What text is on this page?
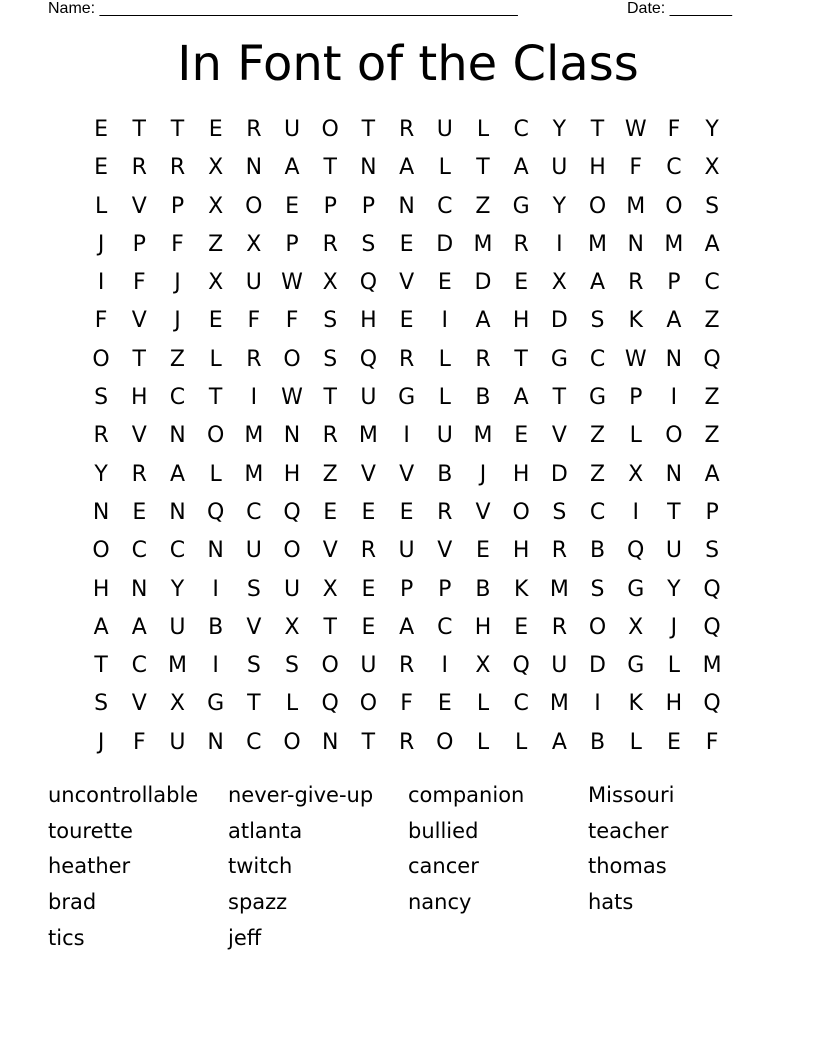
Name: _______________________________________________	Date: _______
In Font of the Class
E	T	T	E	R	U O	T	R	U	L	C	Y	T W F	Y
E	R	R	X	N	A	T	N	A	L	T	A	U H	F	C	X
L	V	P	X O	E	P	P	N	C	Z	G	Y	O M O	S
J	P	F	Z	X	P	R	S	E	D M R	I	M N M A
I	F	J	X	U W X Q	V	E	D	E	X	A	R	P	C
F	V	J	E	F	F	S	H	E	I	A	H D	S	K	A	Z
O	T	Z	L	R O	S	Q R	L	R	T	G C W N Q
S	H	C	T	I	W T	U G	L	B	A	T	G	P	I	Z
R	V	N O M N	R M	I	U M E	V	Z	L	O Z
Y	R	A	L	M H	Z	V	V	B	J	H D	Z	X	N	A
N	E	N Q C Q	E	E	E	R	V O	S	C	I	T	P
O C	C	N U O	V	R	U	V	E	H	R	B Q U	S
H N	Y	I	S	U	X	E	P	P	B	K M S	G	Y	Q
A	A	U	B	V	X	T	E	A	C	H	E	R O X	J	Q
T	C M	I	S	S	O U	R	I	X Q U D G	L	M
S	V	X	G	T	L	Q O	F	E	L	C M	I	K	H Q
J	F	U N	C O N	T	R O	L	L	A	B	L	E	F
uncontrollable	never-give-up	companion	Missouri
tourette	atlanta	bullied	teacher
heather	twitch	cancer	thomas
brad	spazz	nancy	hats
tics	jeff
